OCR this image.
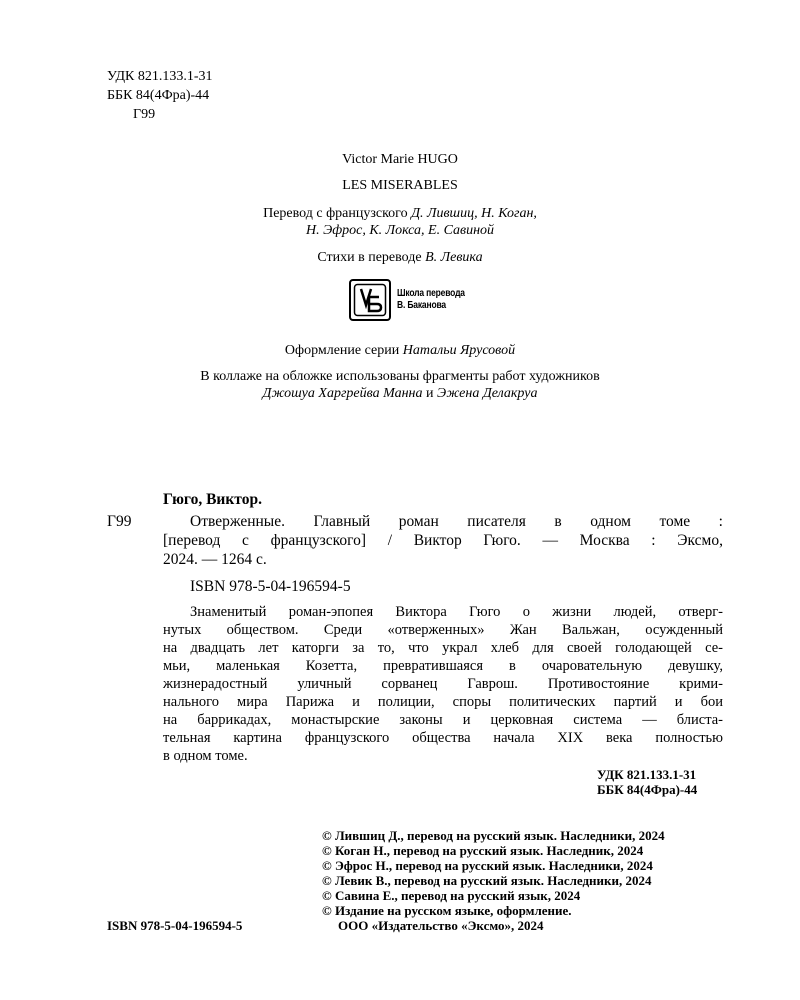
УДК 821.133.1-31
ББК 84(4Фра)-44
Г99
Victor Marie HUGO
LES MISERABLES
Перевод с французского Д. Лившиц, Н. Коган,
Н. Эфрос, К. Локса, Е. Савиной
Стихи в переводе В. Левика
Школа перевода
В. Баканова
Оформление серии Натальи Ярусовой
В коллаже на обложке использованы фрагменты работ художников
Джошуа Харгрейва Манна и Эжена Делакруа
Гюго, Виктор.
Г99	Отверженные. Главный роман писателя в одном томе :
[перевод с французского] / Виктор Гюго. — Москва : Эксмо,
2024. — 1264 с.
ISBN 978-5-04-196594-5
Знаменитый роман-эпопея Виктора Гюго о жизни людей, отверг-
нутых обществом. Среди «отверженных» Жан Вальжан, осужденный
на двадцать лет каторги за то, что украл хлеб для своей голодающей се-
мьи, маленькая Козетта, превратившаяся в очаровательную девушку,
жизнерадостный уличный сорванец Гаврош. Противостояние крими-
нального мира Парижа и полиции, споры политических партий и бои
на баррикадах, монастырские законы и церковная система — блиста-
тельная картина французского общества начала XIX века полностью
в одном томе.
УДК 821.133.1-31
ББК 84(4Фра)-44
© Лившиц Д., перевод на русский язык. Наследники, 2024
© Коган Н., перевод на русский язык. Наследник, 2024
© Эфрос Н., перевод на русский язык. Наследники, 2024
© Левик В., перевод на русский язык. Наследники, 2024
© Савина Е., перевод на русский язык, 2024
© Издание на русском языке, оформление.
ООО «Издательство «Эксмо», 2024
ISBN 978-5-04-196594-5
